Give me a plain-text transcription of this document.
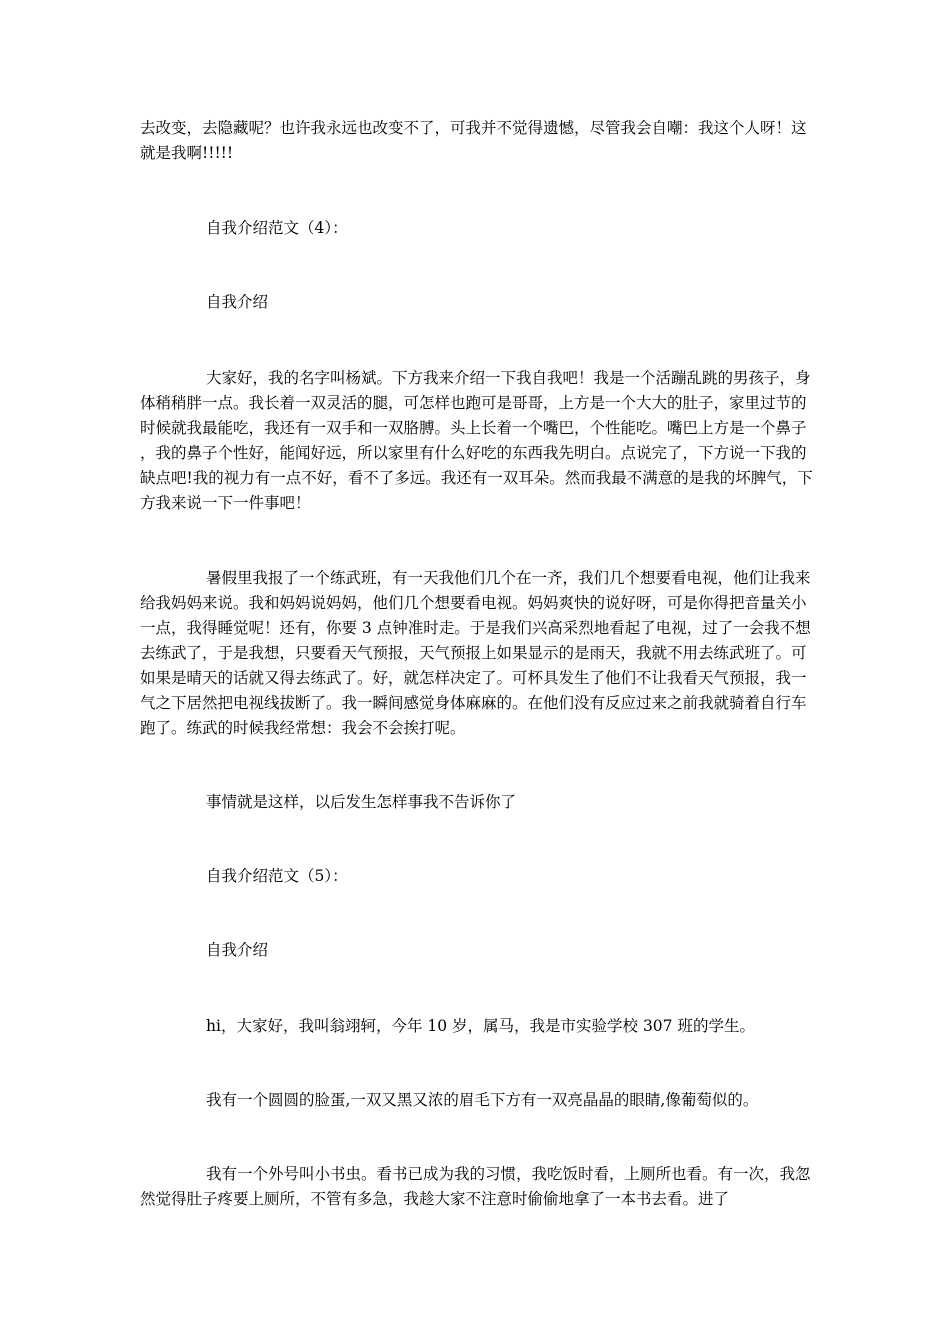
去改变，去隐藏呢？也许我永远也改变不了，可我并不觉得遗憾，尽管我会自嘲：我这个人呀！这就是我啊!!!!!
自我介绍范文（4）：
自我介绍
大家好，我的名字叫杨斌。下方我来介绍一下我自我吧！我是一个活蹦乱跳的男孩子，身体稍稍胖一点。我长着一双灵活的腿，可怎样也跑可是哥哥，上方是一个大大的肚子，家里过节的时候就我最能吃，我还有一双手和一双胳膊。头上长着一个嘴巴，个性能吃。嘴巴上方是一个鼻子 ，我的鼻子个性好，能闻好远，所以家里有什么好吃的东西我先明白。点说完了，下方说一下我的缺点吧!我的视力有一点不好，看不了多远。我还有一双耳朵。然而我最不满意的是我的坏脾气，下方我来说一下一件事吧！
暑假里我报了一个练武班，有一天我他们几个在一齐，我们几个想要看电视，他们让我来给我妈妈来说。我和妈妈说妈妈，他们几个想要看电视。妈妈爽快的说好呀，可是你得把音量关小一点，我得睡觉呢！还有，你要 3 点钟准时走。于是我们兴高采烈地看起了电视，过了一会我不想去练武了，于是我想，只要看天气预报，天气预报上如果显示的是雨天，我就不用去练武班了。可如果是晴天的话就又得去练武了。好，就怎样决定了。可杯具发生了他们不让我看天气预报，我一气之下居然把电视线拔断了。我一瞬间感觉身体麻麻的。在他们没有反应过来之前我就骑着自行车跑了。练武的时候我经常想：我会不会挨打呢。
事情就是这样，以后发生怎样事我不告诉你了
自我介绍范文（5）：
自我介绍
hi，大家好，我叫翁翊轲，今年 10 岁，属马，我是市实验学校 307 班的学生。
我有一个圆圆的脸蛋,一双又黑又浓的眉毛下方有一双亮晶晶的眼睛,像葡萄似的。
我有一个外号叫小书虫。看书已成为我的习惯，我吃饭时看，上厕所也看。有一次，我忽然觉得肚子疼要上厕所，不管有多急，我趁大家不注意时偷偷地拿了一本书去看。进了
